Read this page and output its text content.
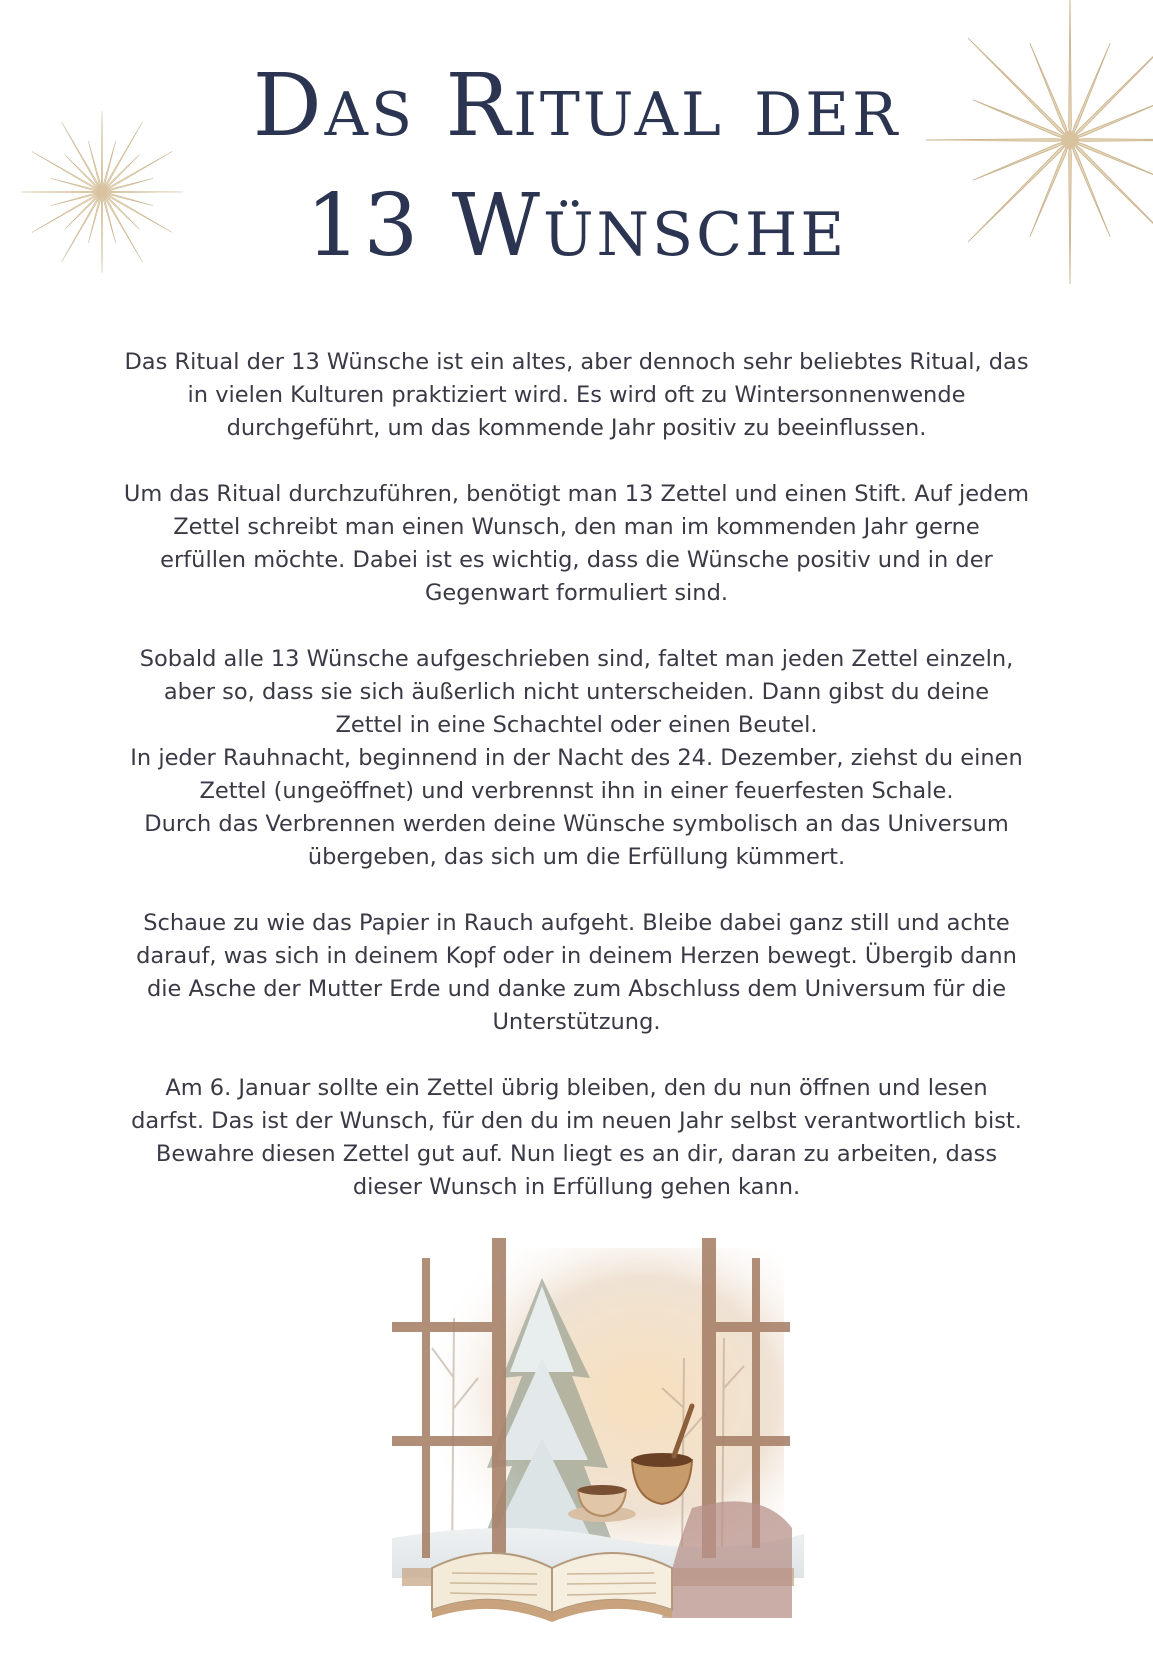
Das Ritual der
13 Wünsche

Das Ritual der 13 Wünsche ist ein altes, aber dennoch sehr beliebtes Ritual, das
in vielen Kulturen praktiziert wird. Es wird oft zu Wintersonnenwende
durchgeführt, um das kommende Jahr positiv zu beeinflussen.

Um das Ritual durchzuführen, benötigt man 13 Zettel und einen Stift. Auf jedem
Zettel schreibt man einen Wunsch, den man im kommenden Jahr gerne
erfüllen möchte. Dabei ist es wichtig, dass die Wünsche positiv und in der
Gegenwart formuliert sind.

Sobald alle 13 Wünsche aufgeschrieben sind, faltet man jeden Zettel einzeln,
aber so, dass sie sich äußerlich nicht unterscheiden. Dann gibst du deine
Zettel in eine Schachtel oder einen Beutel.
In jeder Rauhnacht, beginnend in der Nacht des 24. Dezember, ziehst du einen
Zettel (ungeöffnet) und verbrennst ihn in einer feuerfesten Schale.
Durch das Verbrennen werden deine Wünsche symbolisch an das Universum
übergeben, das sich um die Erfüllung kümmert.

Schaue zu wie das Papier in Rauch aufgeht. Bleibe dabei ganz still und achte
darauf, was sich in deinem Kopf oder in deinem Herzen bewegt. Übergib dann
die Asche der Mutter Erde und danke zum Abschluss dem Universum für die
Unterstützung.

Am 6. Januar sollte ein Zettel übrig bleiben, den du nun öffnen und lesen
darfst. Das ist der Wunsch, für den du im neuen Jahr selbst verantwortlich bist.
Bewahre diesen Zettel gut auf. Nun liegt es an dir, daran zu arbeiten, dass
dieser Wunsch in Erfüllung gehen kann.
